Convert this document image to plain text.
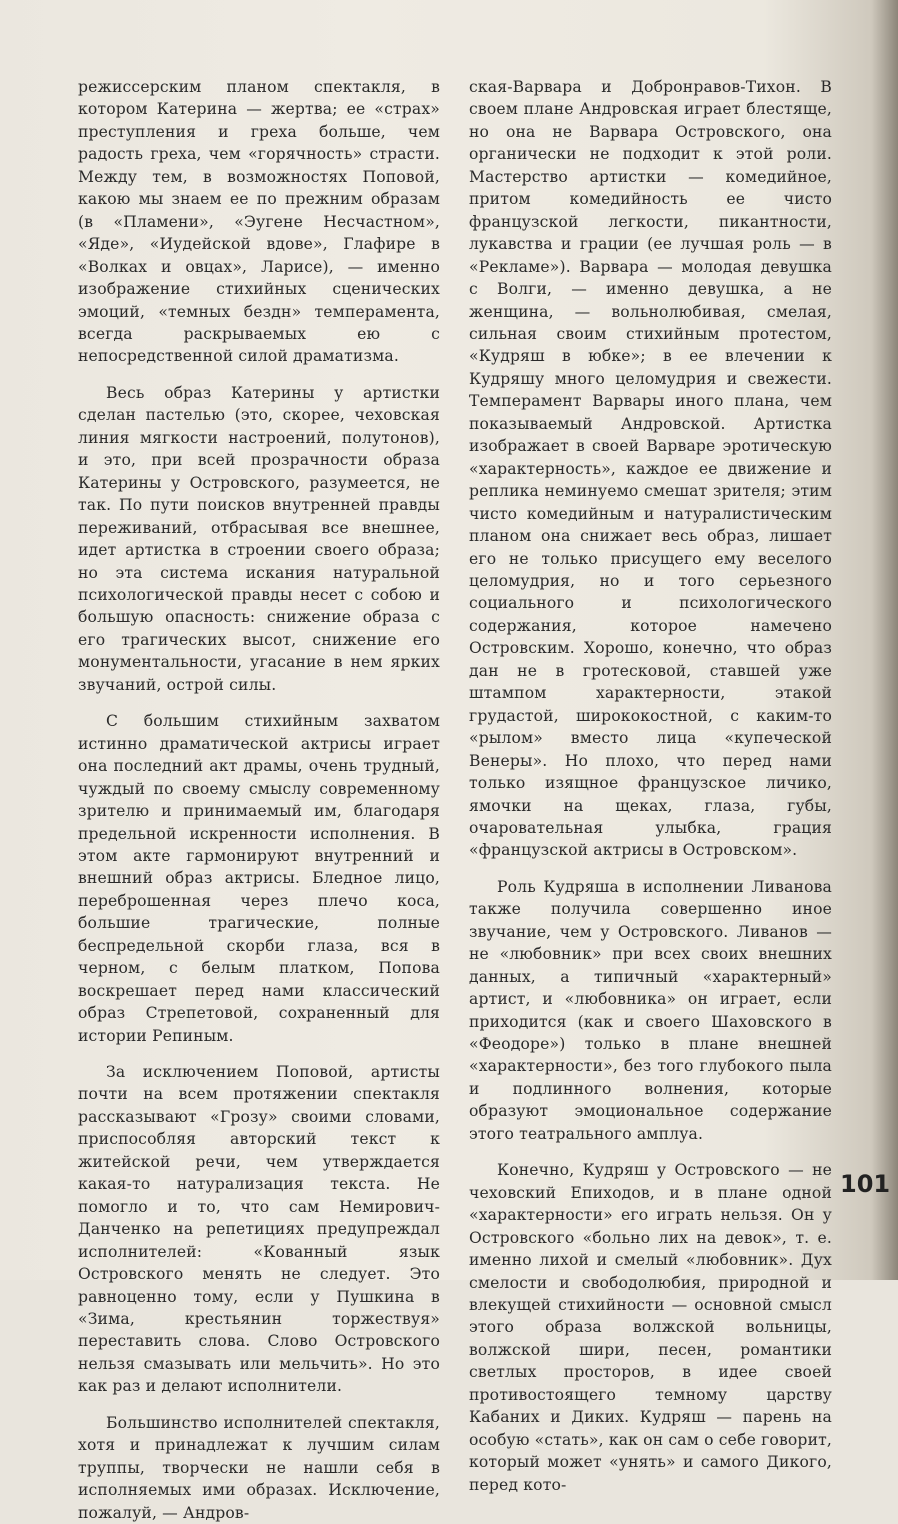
режиссерским планом спектакля, в котором Катерина — жертва; ее «страх» преступления и греха больше, чем радость греха, чем «горячность» страсти. Между тем, в возможностях Поповой, какою мы знаем ее по прежним образам (в «Пламени», «Эугене Несчастном», «Яде», «Иудейской вдове», Глафире в «Волках и овцах», Ларисе), — именно изображение стихийных сценических эмоций, «темных бездн» темперамента, всегда раскрываемых ею с непосредственной силой драматизма.

Весь образ Катерины у артистки сделан пастелью (это, скорее, чеховская линия мягкости настроений, полутонов), и это, при всей прозрачности образа Катерины у Островского, разумеется, не так. По пути поисков внутренней правды переживаний, отбрасывая все внешнее, идет артистка в строении своего образа; но эта система искания натуральной психологической правды несет с собою и большую опасность: снижение образа с его трагических высот, снижение его монументальности, угасание в нем ярких звучаний, острой силы.

С большим стихийным захватом истинно драматической актрисы играет она последний акт драмы, очень трудный, чуждый по своему смыслу современному зрителю и принимаемый им, благодаря предельной искренности исполнения. В этом акте гармонируют внутренний и внешний образ актрисы. Бледное лицо, переброшенная через плечо коса, большие трагические, полные беспредельной скорби глаза, вся в черном, с белым платком, Попова воскрешает перед нами классический образ Стрепетовой, сохраненный для истории Репиным.

За исключением Поповой, артисты почти на всем протяжении спектакля рассказывают «Грозу» своими словами, приспособляя авторский текст к житейской речи, чем утверждается какая-то натурализация текста. Не помогло и то, что сам Немирович-Данченко на репетициях предупреждал исполнителей: «Кованный язык Островского менять не следует. Это равноценно тому, если у Пушкина в «Зима, крестьянин торжествуя» переставить слова. Слово Островского нельзя смазывать или мельчить». Но это как раз и делают исполнители.

Большинство исполнителей спектакля, хотя и принадлежат к лучшим силам труппы, творчески не нашли себя в исполняемых ими образах. Исключение, пожалуй, — Андров-

ская-Варвара и Добронравов-Тихон. В своем плане Андровская играет блестяще, но она не Варвара Островского, она органически не подходит к этой роли. Мастерство артистки — комедийное, притом комедийность ее чисто французской легкости, пикантности, лукавства и грации (ее лучшая роль — в «Рекламе»). Варвара — молодая девушка с Волги, — именно девушка, а не женщина, — вольнолюбивая, смелая, сильная своим стихийным протестом, «Кудряш в юбке»; в ее влечении к Кудряшу много целомудрия и свежести. Темперамент Варвары иного плана, чем показываемый Андровской. Артистка изображает в своей Варваре эротическую «характерность», каждое ее движение и реплика неминуемо смешат зрителя; этим чисто комедийным и натуралистическим планом она снижает весь образ, лишает его не только присущего ему веселого целомудрия, но и того серьезного социального и психологического содержания, которое намечено Островским. Хорошо, конечно, что образ дан не в гротесковой, ставшей уже штампом характерности, этакой грудастой, ширококостной, с каким-то «рылом» вместо лица «купеческой Венеры». Но плохо, что перед нами только изящное французское личико, ямочки на щеках, глаза, губы, очаровательная улыбка, грация «французской актрисы в Островском».

Роль Кудряша в исполнении Ливанова также получила совершенно иное звучание, чем у Островского. Ливанов — не «любовник» при всех своих внешних данных, а типичный «характерный» артист, и «любовника» он играет, если приходится (как и своего Шаховского в «Феодоре») только в плане внешней «характерности», без того глубокого пыла и подлинного волнения, которые образуют эмоциональное содержание этого театрального амплуа.

Конечно, Кудряш у Островского — не чеховский Епиходов, и в плане одной «характерности» его играть нельзя. Он у Островского «больно лих на девок», т. е. именно лихой и смелый «любовник». Дух смелости и свободолюбия, природной и влекущей стихийности — основной смысл этого образа волжской вольницы, волжской шири, песен, романтики светлых просторов, в идее своей противостоящего темному царству Кабаних и Диких. Кудряш — парень на особую «стать», как он сам о себе говорит, который может «унять» и самого Дикого, перед кото-

101
